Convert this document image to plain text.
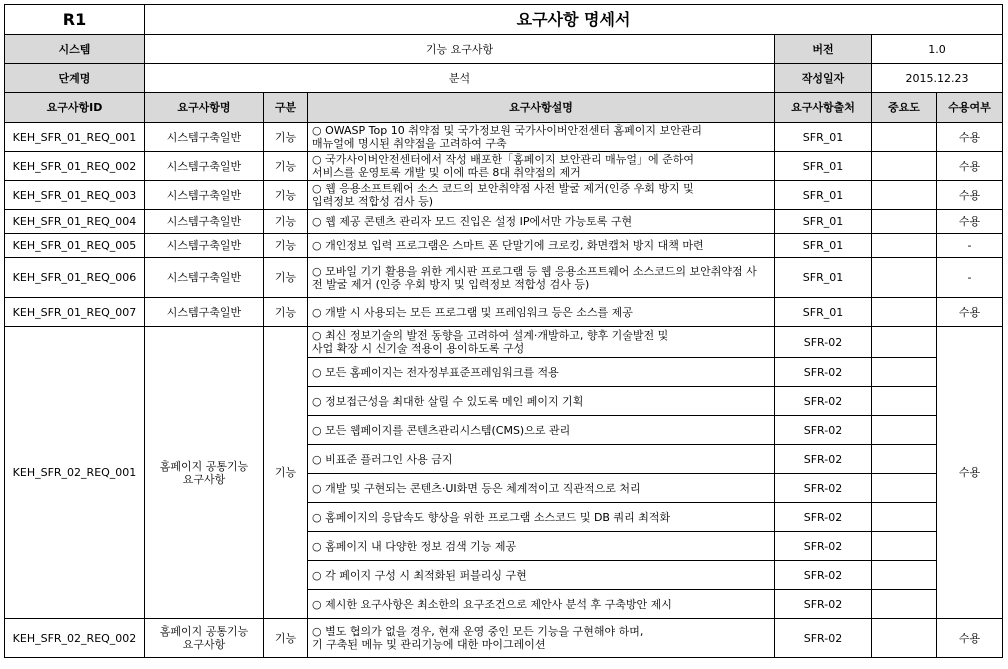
R1	요구사항 명세서					
시스템	기능 요구사항			버전	1.0	
단계명	분석			작성일자	2015.12.23	
요구사항ID	요구사항명	구분	요구사항설명	요구사항출처	중요도	수용여부
KEH_SFR_01_REQ_001	시스템구축일반	기능	○ OWASP Top 10 취약점 및 국가정보원 국가사이버안전센터 홈페이지 보안관리
매뉴얼에 명시된 취약점을 고려하여 구축	SFR_01		수용
KEH_SFR_01_REQ_002	시스템구축일반	기능	○ 국가사이버안전센터에서 작성 배포한「홈페이지 보안관리 매뉴얼」에 준하여
서비스를 운영토록 개발 및 이에 따른 8대 취약점의 제거	SFR_01		수용
KEH_SFR_01_REQ_003	시스템구축일반	기능	○ 웹 응용소프트웨어 소스 코드의 보안취약점 사전 발굴 제거(인증 우회 방지 및
입력정보 적합성 검사 등)	SFR_01		수용
KEH_SFR_01_REQ_004	시스템구축일반	기능	○ 웹 제공 콘텐츠 관리자 모드 진입은 설정 IP에서만 가능토록 구현	SFR_01		수용
KEH_SFR_01_REQ_005	시스템구축일반	기능	○ 개인정보 입력 프로그램은 스마트 폰 단말기에 크로킹, 화면캡처 방지 대책 마련	SFR_01		-
KEH_SFR_01_REQ_006	시스템구축일반	기능	○ 모바일 기기 활용을 위한 게시판 프로그램 등 웹 응용소프트웨어 소스코드의 보안취약점 사
전 발굴 제거 (인증 우회 방지 및 입력정보 적합성 검사 등)	SFR_01		-
KEH_SFR_01_REQ_007	시스템구축일반	기능	○ 개발 시 사용되는 모든 프로그램 및 프레임워크 등은 소스를 제공	SFR_01		수용
KEH_SFR_02_REQ_001	홈페이지 공통기능
요구사항	기능	○ 최신 정보기술의 발전 동향을 고려하여 설계·개발하고, 향후 기술발전 및
사업 확장 시 신기술 적용이 용이하도록 구성	SFR-02		수용
			○ 모든 홈페이지는 전자정부표준프레임워크를 적용	SFR-02		
			○ 정보접근성을 최대한 살릴 수 있도록 메인 페이지 기획	SFR-02		
			○ 모든 웹페이지를 콘텐츠관리시스템(CMS)으로 관리	SFR-02		
			○ 비표준 플러그인 사용 금지	SFR-02		
			○ 개발 및 구현되는 콘텐츠·UI화면 등은 체계적이고 직관적으로 처리	SFR-02		
			○ 홈페이지의 응답속도 향상을 위한 프로그램 소스코드 및 DB 쿼리 최적화	SFR-02		
			○ 홈페이지 내 다양한 정보 검색 기능 제공	SFR-02		
			○ 각 페이지 구성 시 최적화된 퍼블리싱 구현	SFR-02		
			○ 제시한 요구사항은 최소한의 요구조건으로 제안사 분석 후 구축방안 제시	SFR-02		
KEH_SFR_02_REQ_002	홈페이지 공통기능
요구사항	기능	○ 별도 협의가 없을 경우, 현재 운영 중인 모든 기능을 구현해야 하며,
기 구축된 메뉴 및 관리기능에 대한 마이그레이션	SFR-02		수용
